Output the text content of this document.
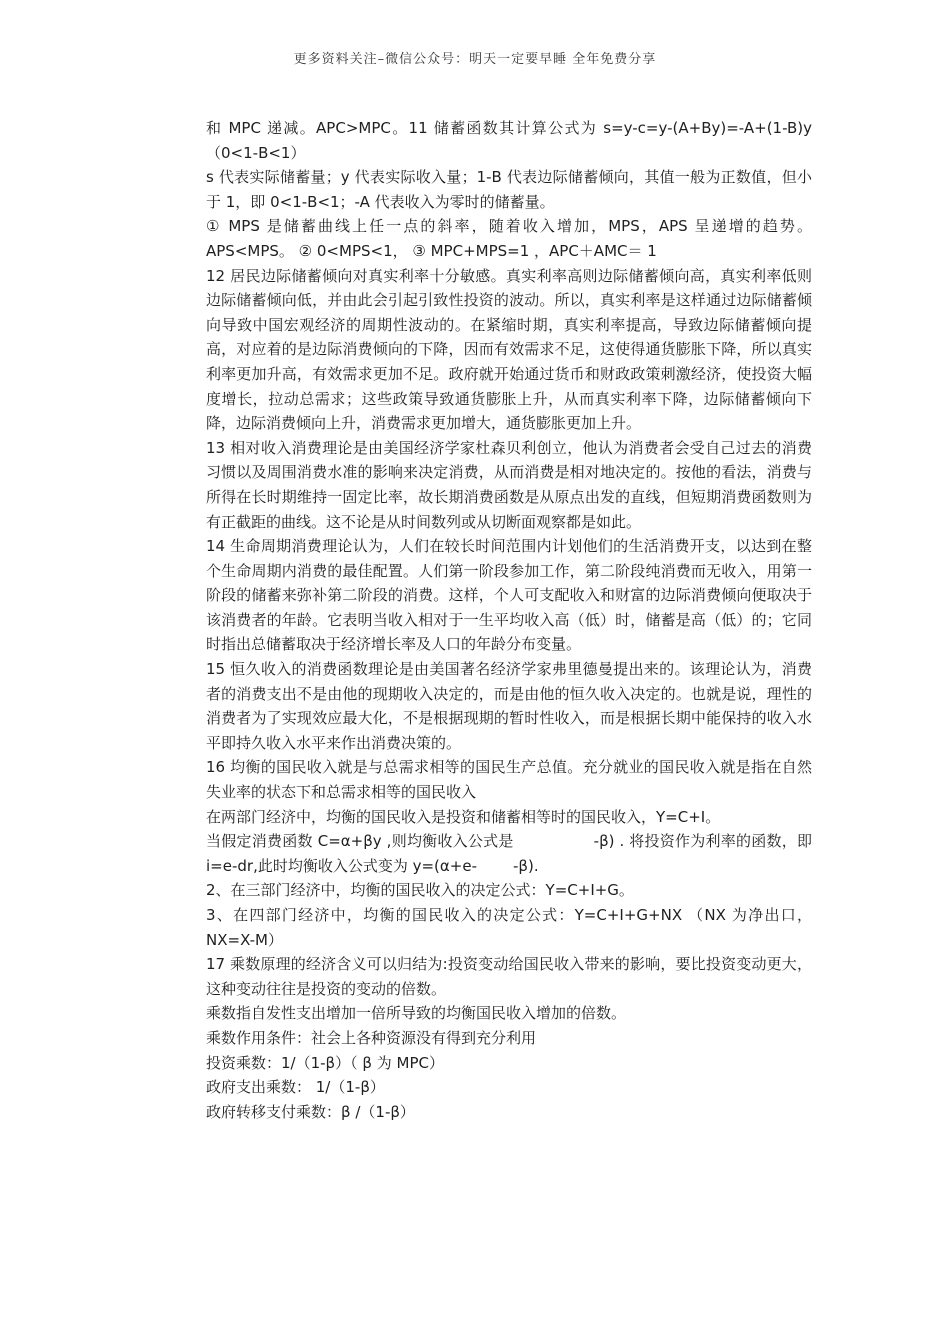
更多资料关注–微信公众号：明天一定要早睡 全年免费分享

和 MPC 递减。APC>MPC。11 储蓄函数其计算公式为 s=y-c=y-(A+By)=-A+(1-B)y （0<1-B<1）

s 代表实际储蓄量；y 代表实际收入量；1-B 代表边际储蓄倾向，其值一般为正数值，但小于 1，即 0<1-B<1；-A 代表收入为零时的储蓄量。

① MPS 是储蓄曲线上任一点的斜率，随着收入增加，MPS，APS 呈递增的趋势。APS<MPS。 ② 0<MPS<1， ③ MPC+MPS=1 ，APC＋AMC＝ 1

12 居民边际储蓄倾向对真实利率十分敏感。真实利率高则边际储蓄倾向高，真实利率低则边际储蓄倾向低，并由此会引起引致性投资的波动。所以，真实利率是这样通过边际储蓄倾向导致中国宏观经济的周期性波动的。在紧缩时期，真实利率提高，导致边际储蓄倾向提高，对应着的是边际消费倾向的下降，因而有效需求不足，这使得通货膨胀下降，所以真实利率更加升高，有效需求更加不足。政府就开始通过货币和财政政策刺激经济，使投资大幅度增长，拉动总需求；这些政策导致通货膨胀上升，从而真实利率下降，边际储蓄倾向下降，边际消费倾向上升，消费需求更加增大，通货膨胀更加上升。

13 相对收入消费理论是由美国经济学家杜森贝利创立，他认为消费者会受自己过去的消费习惯以及周围消费水准的影响来决定消费，从而消费是相对地决定的。按他的看法，消费与所得在长时期维持一固定比率，故长期消费函数是从原点出发的直线，但短期消费函数则为有正截距的曲线。这不论是从时间数列或从切断面观察都是如此。

14 生命周期消费理论认为，人们在较长时间范围内计划他们的生活消费开支，以达到在整个生命周期内消费的最佳配置。人们第一阶段参加工作，第二阶段纯消费而无收入，用第一阶段的储蓄来弥补第二阶段的消费。这样，个人可支配收入和财富的边际消费倾向便取决于该消费者的年龄。它表明当收入相对于一生平均收入高（低）时，储蓄是高（低）的；它同时指出总储蓄取决于经济增长率及人口的年龄分布变量。

15 恒久收入的消费函数理论是由美国著名经济学家弗里德曼提出来的。该理论认为，消费者的消费支出不是由他的现期收入决定的，而是由他的恒久收入决定的。也就是说，理性的消费者为了实现效应最大化，不是根据现期的暂时性收入，而是根据长期中能保持的收入水平即持久收入水平来作出消费决策的。

16 均衡的国民收入就是与总需求相等的国民生产总值。充分就业的国民收入就是指在自然失业率的状态下和总需求相等的国民收入

在两部门经济中，均衡的国民收入是投资和储蓄相等时的国民收入，Y=C+I。

当假定消费函数 C=α+βy ,则均衡收入公式是	-β) . 将投资作为利率的函数，即 i=e-dr,此时均衡收入公式变为 y=(α+e- -β).

2、在三部门经济中，均衡的国民收入的决定公式：Y=C+I+G。

3、在四部门经济中，均衡的国民收入的决定公式：Y=C+I+G+NX （NX 为净出口，NX=X-M）

17 乘数原理的经济含义可以归结为:投资变动给国民收入带来的影响，要比投资变动更大，这种变动往往是投资的变动的倍数。

乘数指自发性支出增加一倍所导致的均衡国民收入增加的倍数。

乘数作用条件：社会上各种资源没有得到充分利用

投资乘数：1/（1-β）（ β 为 MPC）

政府支出乘数： 1/（1-β）

政府转移支付乘数：β /（1-β）
